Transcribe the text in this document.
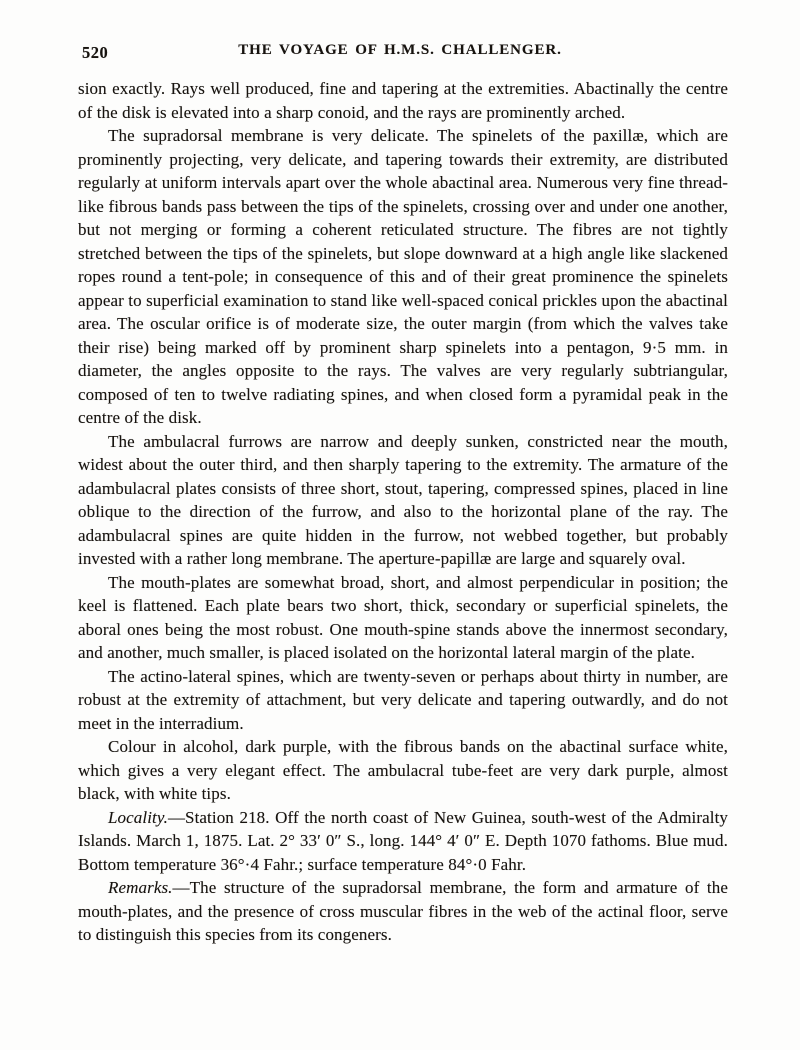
520	THE VOYAGE OF H.M.S. CHALLENGER.

sion exactly. Rays well produced, fine and tapering at the extremities. Abactinally the centre of the disk is elevated into a sharp conoid, and the rays are prominently arched.

The supradorsal membrane is very delicate. The spinelets of the paxillæ, which are prominently projecting, very delicate, and tapering towards their extremity, are distributed regularly at uniform intervals apart over the whole abactinal area. Numerous very fine thread-like fibrous bands pass between the tips of the spinelets, crossing over and under one another, but not merging or forming a coherent reticulated structure. The fibres are not tightly stretched between the tips of the spinelets, but slope downward at a high angle like slackened ropes round a tent-pole; in consequence of this and of their great prominence the spinelets appear to superficial examination to stand like well-spaced conical prickles upon the abactinal area. The oscular orifice is of moderate size, the outer margin (from which the valves take their rise) being marked off by prominent sharp spinelets into a pentagon, 9·5 mm. in diameter, the angles opposite to the rays. The valves are very regularly subtriangular, composed of ten to twelve radiating spines, and when closed form a pyramidal peak in the centre of the disk.

The ambulacral furrows are narrow and deeply sunken, constricted near the mouth, widest about the outer third, and then sharply tapering to the extremity. The armature of the adambulacral plates consists of three short, stout, tapering, compressed spines, placed in line oblique to the direction of the furrow, and also to the horizontal plane of the ray. The adambulacral spines are quite hidden in the furrow, not webbed together, but probably invested with a rather long membrane. The aperture-papillæ are large and squarely oval.

The mouth-plates are somewhat broad, short, and almost perpendicular in position; the keel is flattened. Each plate bears two short, thick, secondary or superficial spinelets, the aboral ones being the most robust. One mouth-spine stands above the innermost secondary, and another, much smaller, is placed isolated on the horizontal lateral margin of the plate.

The actino-lateral spines, which are twenty-seven or perhaps about thirty in number, are robust at the extremity of attachment, but very delicate and tapering outwardly, and do not meet in the interradium.

Colour in alcohol, dark purple, with the fibrous bands on the abactinal surface white, which gives a very elegant effect. The ambulacral tube-feet are very dark purple, almost black, with white tips.

Locality.—Station 218. Off the north coast of New Guinea, south-west of the Admiralty Islands. March 1, 1875. Lat. 2° 33′ 0″ S., long. 144° 4′ 0″ E. Depth 1070 fathoms. Blue mud. Bottom temperature 36°·4 Fahr.; surface temperature 84°·0 Fahr.

Remarks.—The structure of the supradorsal membrane, the form and armature of the mouth-plates, and the presence of cross muscular fibres in the web of the actinal floor, serve to distinguish this species from its congeners.
